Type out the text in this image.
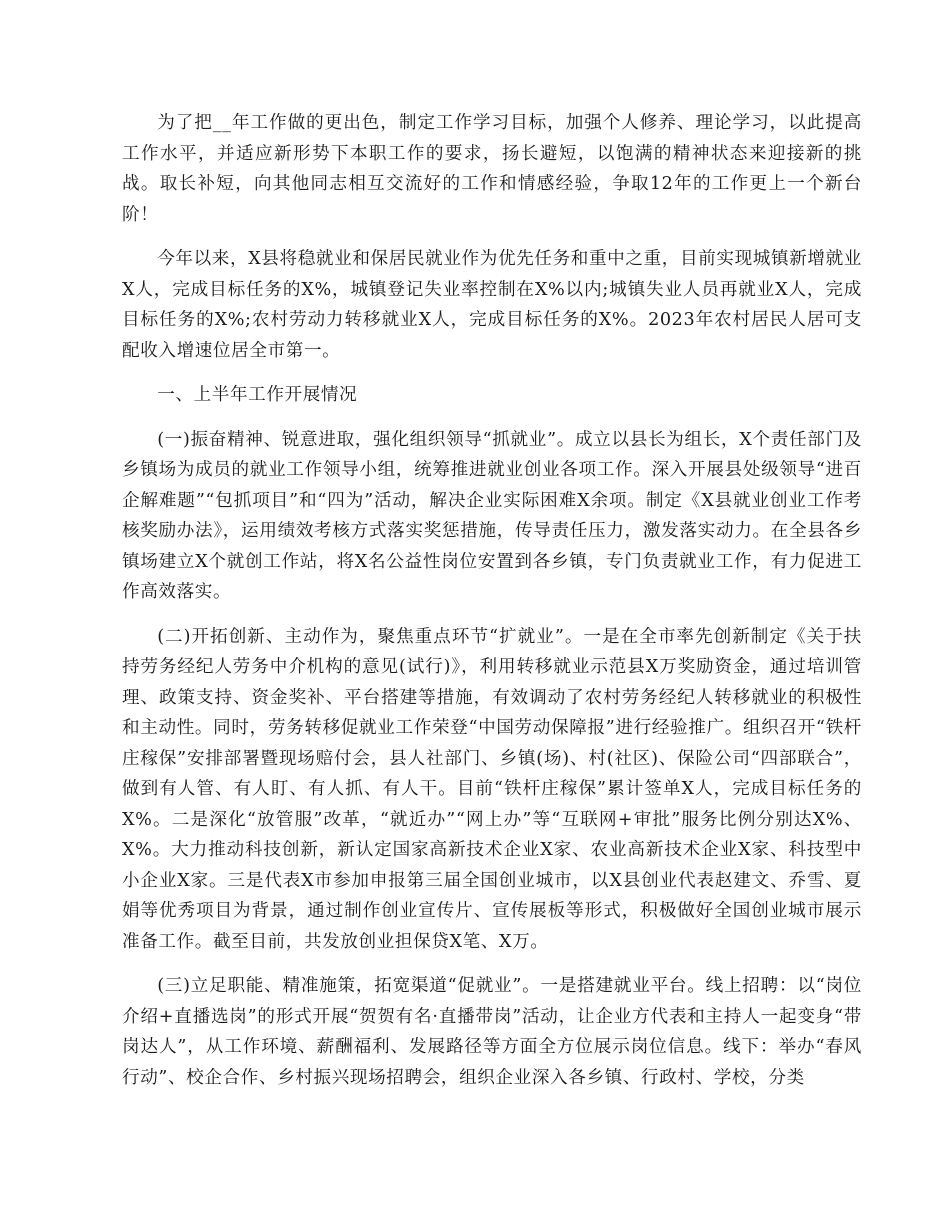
为了把__年工作做的更出色，制定工作学习目标，加强个人修养、理论学习，以此提高工作水平，并适应新形势下本职工作的要求，扬长避短，以饱满的精神状态来迎接新的挑战。取长补短，向其他同志相互交流好的工作和情感经验，争取12年的工作更上一个新台阶！

今年以来，X县将稳就业和保居民就业作为优先任务和重中之重，目前实现城镇新增就业X人，完成目标任务的X%，城镇登记失业率控制在X%以内;城镇失业人员再就业X人，完成目标任务的X%;农村劳动力转移就业X人，完成目标任务的X%。2023年农村居民人居可支配收入增速位居全市第一。

一、上半年工作开展情况

(一)振奋精神、锐意进取，强化组织领导“抓就业”。成立以县长为组长，X个责任部门及乡镇场为成员的就业工作领导小组，统筹推进就业创业各项工作。深入开展县处级领导“进百企解难题”“包抓项目”和“四为”活动，解决企业实际困难X余项。制定《X县就业创业工作考核奖励办法》，运用绩效考核方式落实奖惩措施，传导责任压力，激发落实动力。在全县各乡镇场建立X个就创工作站，将X名公益性岗位安置到各乡镇，专门负责就业工作，有力促进工作高效落实。

(二)开拓创新、主动作为，聚焦重点环节“扩就业”。一是在全市率先创新制定《关于扶持劳务经纪人劳务中介机构的意见(试行)》，利用转移就业示范县X万奖励资金，通过培训管理、政策支持、资金奖补、平台搭建等措施，有效调动了农村劳务经纪人转移就业的积极性和主动性。同时，劳务转移促就业工作荣登“中国劳动保障报”进行经验推广。组织召开“铁杆庄稼保”安排部署暨现场赔付会，县人社部门、乡镇(场)、村(社区)、保险公司“四部联合”，做到有人管、有人盯、有人抓、有人干。目前“铁杆庄稼保”累计签单X人，完成目标任务的X%。二是深化“放管服”改革，“就近办”“网上办”等“互联网+审批”服务比例分别达X%、X%。大力推动科技创新，新认定国家高新技术企业X家、农业高新技术企业X家、科技型中小企业X家。三是代表X市参加申报第三届全国创业城市，以X县创业代表赵建文、乔雪、夏娟等优秀项目为背景，通过制作创业宣传片、宣传展板等形式，积极做好全国创业城市展示准备工作。截至目前，共发放创业担保贷X笔、X万。

(三)立足职能、精准施策，拓宽渠道“促就业”。一是搭建就业平台。线上招聘：以“岗位介绍+直播选岗”的形式开展“贺贺有名·直播带岗”活动，让企业方代表和主持人一起变身“带岗达人”，从工作环境、薪酬福利、发展路径等方面全方位展示岗位信息。线下：举办“春风行动”、校企合作、乡村振兴现场招聘会，组织企业深入各乡镇、行政村、学校，分类
